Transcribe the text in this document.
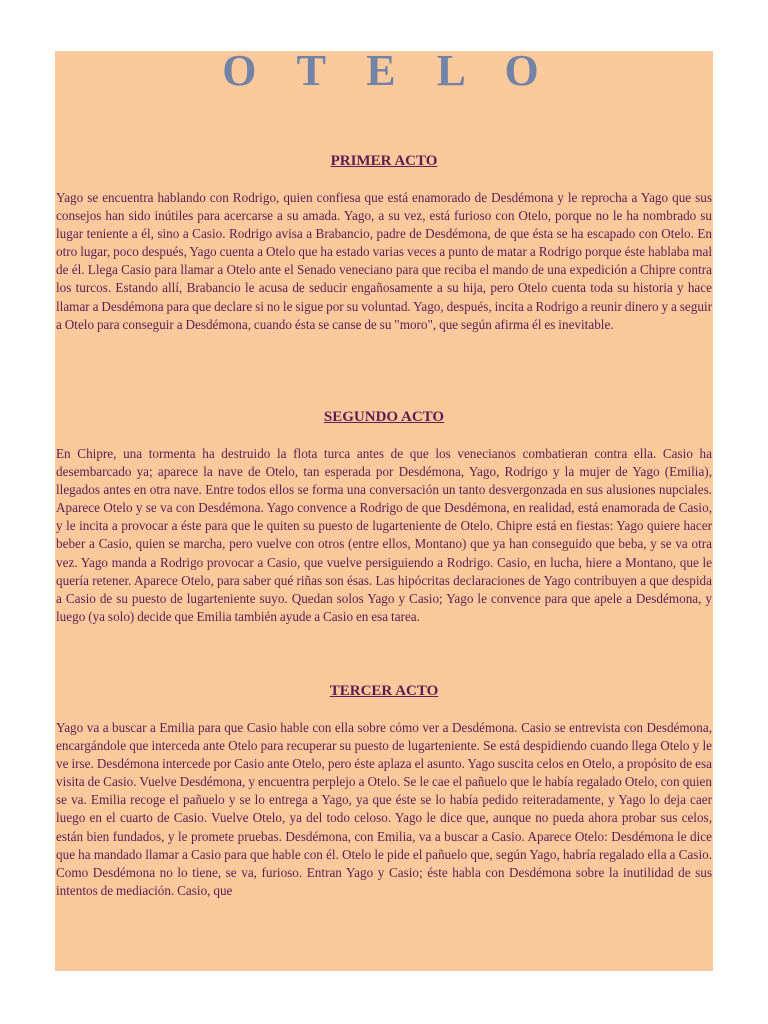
O T E L O
PRIMER ACTO

Yago se encuentra hablando con Rodrigo, quien confiesa que está enamorado de Desdémona y le reprocha a Yago que sus consejos han sido inútiles para acercarse a su amada. Yago, a su vez, está furioso con Otelo, porque no le ha nombrado su lugar teniente a él, sino a Casio. Rodrigo avisa a Brabancio, padre de Desdémona, de que ésta se ha escapado con Otelo. En otro lugar, poco después, Yago cuenta a Otelo que ha estado varias veces a punto de matar a Rodrigo porque éste hablaba mal de él. Llega Casio para llamar a Otelo ante el Senado veneciano para que reciba el mando de una expedición a Chipre contra los turcos. Estando allí, Brabancio le acusa de seducir engañosamente a su hija, pero Otelo cuenta toda su historia y hace llamar a Desdémona para que declare si no le sigue por su voluntad. Yago, después, incita a Rodrigo a reunir dinero y a seguir a Otelo para conseguir a Desdémona, cuando ésta se canse de su "moro", que según afirma él es inevitable.

SEGUNDO ACTO

En Chipre, una tormenta ha destruido la flota turca antes de que los venecianos combatieran contra ella. Casio ha desembarcado ya; aparece la nave de Otelo, tan esperada por Desdémona, Yago, Rodrigo y la mujer de Yago (Emilia), llegados antes en otra nave. Entre todos ellos se forma una conversación un tanto desvergonzada en sus alusiones nupciales. Aparece Otelo y se va con Desdémona. Yago convence a Rodrigo de que Desdémona, en realidad, está enamorada de Casio, y le incita a provocar a éste para que le quiten su puesto de lugarteniente de Otelo. Chipre está en fiestas: Yago quiere hacer beber a Casio, quien se marcha, pero vuelve con otros (entre ellos, Montano) que ya han conseguido que beba, y se va otra vez. Yago manda a Rodrigo provocar a Casio, que vuelve persiguiendo a Rodrigo. Casio, en lucha, hiere a Montano, que le quería retener. Aparece Otelo, para saber qué riñas son ésas. Las hipócritas declaraciones de Yago contribuyen a que despida a Casio de su puesto de lugarteniente suyo. Quedan solos Yago y Casio; Yago le convence para que apele a Desdémona, y luego (ya solo) decide que Emilia también ayude a Casio en esa tarea.

TERCER ACTO

Yago va a buscar a Emilia para que Casio hable con ella sobre cómo ver a Desdémona. Casio se entrevista con Desdémona, encargándole que interceda ante Otelo para recuperar su puesto de lugarteniente. Se está despidiendo cuando llega Otelo y le ve irse. Desdémona intercede por Casio ante Otelo, pero éste aplaza el asunto. Yago suscita celos en Otelo, a propósito de esa visita de Casio. Vuelve Desdémona, y encuentra perplejo a Otelo. Se le cae el pañuelo que le había regalado Otelo, con quien se va. Emilia recoge el pañuelo y se lo entrega a Yago, ya que éste se lo había pedido reiteradamente, y Yago lo deja caer luego en el cuarto de Casio. Vuelve Otelo, ya del todo celoso. Yago le dice que, aunque no pueda ahora probar sus celos, están bien fundados, y le promete pruebas. Desdémona, con Emilia, va a buscar a Casio. Aparece Otelo: Desdémona le dice que ha mandado llamar a Casio para que hable con él. Otelo le pide el pañuelo que, según Yago, habría regalado ella a Casio. Como Desdémona no lo tiene, se va, furioso. Entran Yago y Casio; éste habla con Desdémona sobre la inutilidad de sus intentos de mediación. Casio, que
